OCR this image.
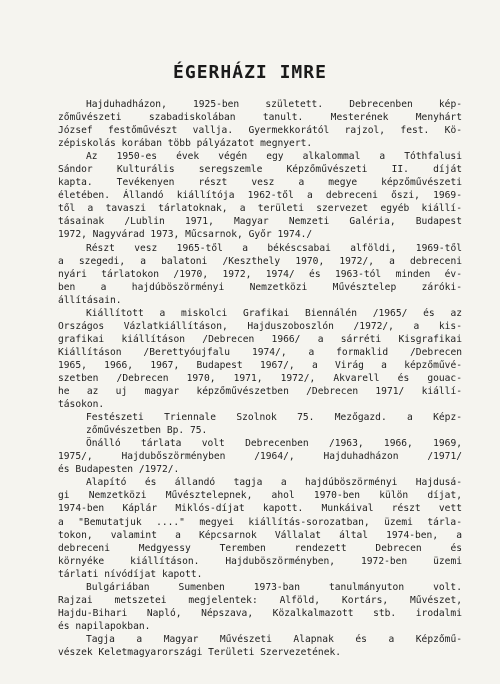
ÉGERHÁZI IMRE
Hajduhadházon, 1925-ben született. Debrecenben kép-
zőművészeti szabadiskolában tanult. Mesterének Menyhárt
József festőművészt vallja. Gyermekkorától rajzol, fest. Kö-
zépiskolás korában több pályázatot megnyert.
Az 1950-es évek végén egy alkalommal a Tóthfalusi
Sándor Kulturális seregszemle Képzőművészeti II. díját
kapta. Tevékenyen részt vesz a megye képzőművészeti
életében. Állandó kiállítója 1962-től a debreceni őszi, 1969-
től a tavaszi tárlatoknak, a területi szervezet egyéb kiállí-
tásainak /Lublin 1971, Magyar Nemzeti Galéria, Budapest
1972, Nagyvárad 1973, Műcsarnok, Győr 1974./
Részt vesz 1965-től a békéscsabai alföldi, 1969-től
a szegedi, a balatoni /Keszthely 1970, 1972/, a debreceni
nyári tárlatokon /1970, 1972, 1974/ és 1963-tól minden év-
ben a hajdúböszörményi Nemzetközi Művésztelep záróki-
állításain.
Kiállított a miskolci Grafikai Biennálén /1965/ és az
Országos Vázlatkiállításon, Hajduszoboszlón /1972/, a kis-
grafikai kiállításon /Debrecen 1966/ a sárréti Kisgrafikai
Kiállításon /Berettyóujfalu 1974/, a formaklid /Debrecen
1965, 1966, 1967, Budapest 1967/, a Virág a képzőművé-
szetben /Debrecen 1970, 1971, 1972/, Akvarell és gouac-
he az uj magyar képzőművészetben /Debrecen 1971/ kiállí-
tásokon.
Festészeti Triennale Szolnok 75. Mezőgazd. a Képz-
zőművészetben Bp. 75.
Önálló tárlata volt Debrecenben /1963, 1966, 1969,
1975/, Hajdubőszörményben /1964/, Hajduhadházon /1971/
és Budapesten /1972/.
Alapító és állandó tagja a hajdúböszörményi Hajdusá-
gi Nemzetközi Művésztelepnek, ahol 1970-ben külön díjat,
1974-ben Káplár Miklós-díjat kapott. Munkáival részt vett
a "Bemutatjuk ...." megyei kiállítás-sorozatban, üzemi tárla-
tokon, valamint a Képcsarnok Vállalat által 1974-ben, a
debreceni Medgyessy Teremben rendezett Debrecen és
környéke kiállításon. Hajduböszörményben, 1972-ben üzemi
tárlati nívódíjat kapott.
Bulgáriában Sumenben 1973-ban tanulmányuton volt.
Rajzai metszetei megjelentek: Alföld, Kortárs, Művészet,
Hajdu-Bihari Napló, Népszava, Közalkalmazott stb. irodalmi
és napilapokban.
Tagja a Magyar Művészeti Alapnak és a Képzőmű-
vészek Keletmagyarországi Területi Szervezetének.
